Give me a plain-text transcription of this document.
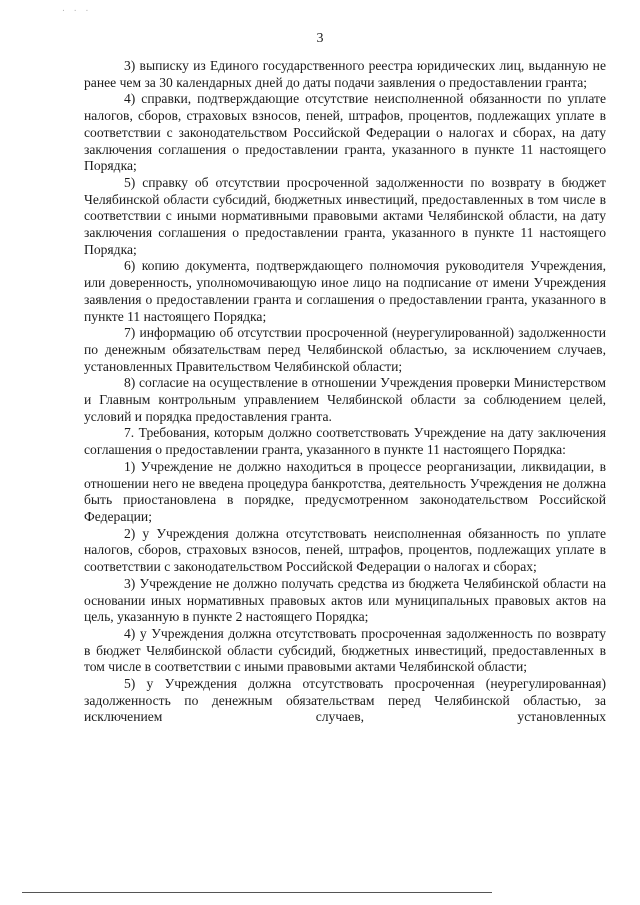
. . .
3

3) выписку из Единого государственного реестра юридических лиц, выданную не ранее чем за 30 календарных дней до даты подачи заявления о предоставлении гранта;

4) справки, подтверждающие отсутствие неисполненной обязанности по уплате налогов, сборов, страховых взносов, пеней, штрафов, процентов, подлежащих уплате в соответствии с законодательством Российской Федерации о налогах и сборах, на дату заключения соглашения о предоставлении гранта, указанного в пункте 11 настоящего Порядка;

5) справку об отсутствии просроченной задолженности по возврату в бюджет Челябинской области субсидий, бюджетных инвестиций, предоставленных в том числе в соответствии с иными нормативными правовыми актами Челябинской области, на дату заключения соглашения о предоставлении гранта, указанного в пункте 11 настоящего Порядка;

6) копию документа, подтверждающего полномочия руководителя Учреждения, или доверенность, уполномочивающую иное лицо на подписание от имени Учреждения заявления о предоставлении гранта и соглашения о предоставлении гранта, указанного в пункте 11 настоящего Порядка;

7) информацию об отсутствии просроченной (неурегулированной) задолженности по денежным обязательствам перед Челябинской областью, за исключением случаев, установленных Правительством Челябинской области;

8) согласие на осуществление в отношении Учреждения проверки Министерством и Главным контрольным управлением Челябинской области за соблюдением целей, условий и порядка предоставления гранта.

7. Требования, которым должно соответствовать Учреждение на дату заключения соглашения о предоставлении гранта, указанного в пункте 11 настоящего Порядка:

1) Учреждение не должно находиться в процессе реорганизации, ликвидации, в отношении него не введена процедура банкротства, деятельность Учреждения не должна быть приостановлена в порядке, предусмотренном законодательством Российской Федерации;

2) у Учреждения должна отсутствовать неисполненная обязанность по уплате налогов, сборов, страховых взносов, пеней, штрафов, процентов, подлежащих уплате в соответствии с законодательством Российской Федерации о налогах и сборах;

3) Учреждение не должно получать средства из бюджета Челябинской области на основании иных нормативных правовых актов или муниципальных правовых актов на цель, указанную в пункте 2 настоящего Порядка;

4) у Учреждения должна отсутствовать просроченная задолженность по возврату в бюджет Челябинской области субсидий, бюджетных инвестиций, предоставленных в том числе в соответствии с иными правовыми актами Челябинской области;

5) у Учреждения должна отсутствовать просроченная (неурегулированная) задолженность по денежным обязательствам перед Челябинской областью, за исключением случаев, установленных
